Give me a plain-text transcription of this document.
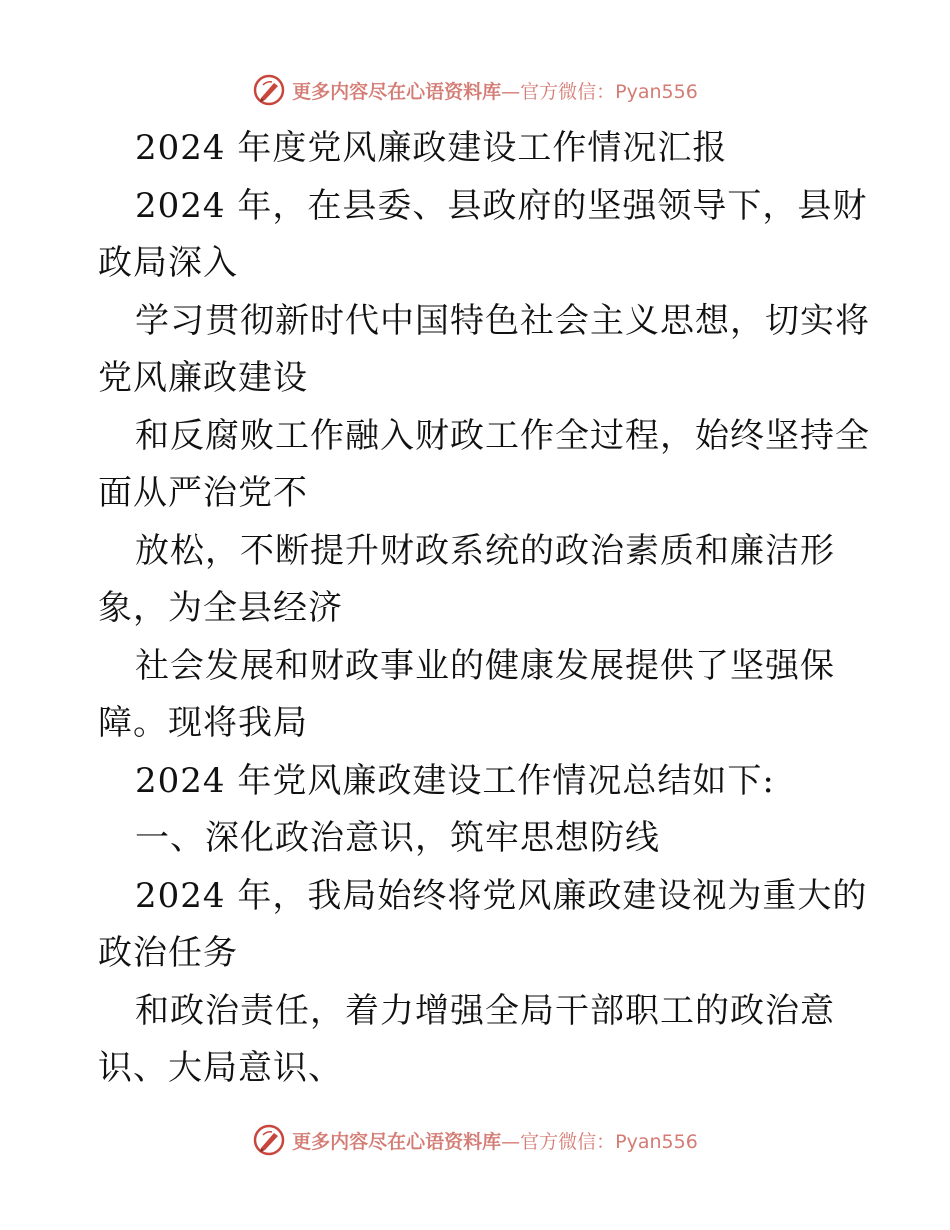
更多内容尽在心语资料库—官方微信：Pyan556
2024 年度党风廉政建设工作情况汇报
2024 年，在县委、县政府的坚强领导下，县财
政局深入
学习贯彻新时代中国特色社会主义思想，切实将
党风廉政建设
和反腐败工作融入财政工作全过程，始终坚持全
面从严治党不
放松，不断提升财政系统的政治素质和廉洁形
象，为全县经济
社会发展和财政事业的健康发展提供了坚强保
障。现将我局
2024 年党风廉政建设工作情况总结如下:
一、深化政治意识，筑牢思想防线
2024 年，我局始终将党风廉政建设视为重大的
政治任务
和政治责任，着力增强全局干部职工的政治意
识、大局意识、
更多内容尽在心语资料库—官方微信：Pyan556
